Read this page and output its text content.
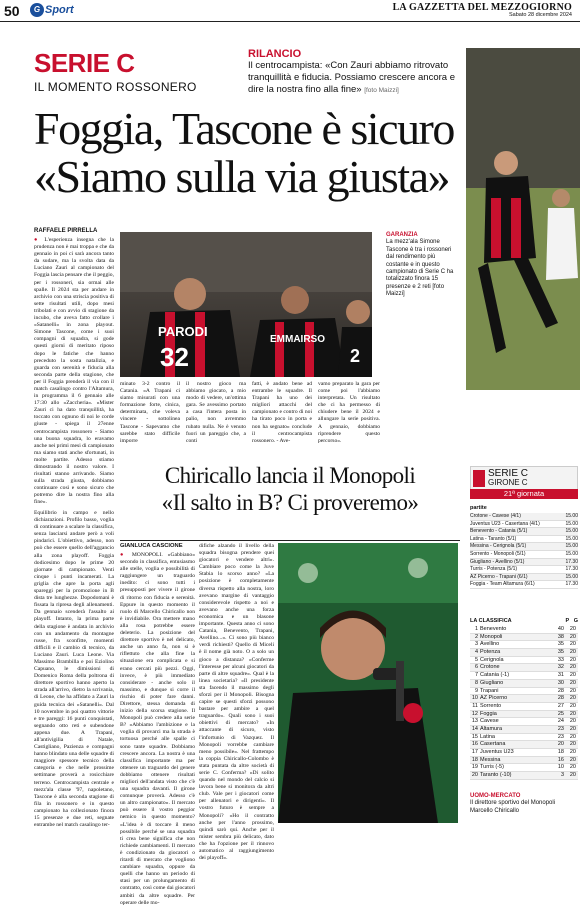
50	G Sport	LA GAZZETTA DEL MEZZOGIORNO
Sabato 28 dicembre 2024
SERIE C
IL MOMENTO ROSSONERO
RILANCIO
Il centrocampista: «Con Zauri abbiamo ritrovato tranquillità e fiducia. Possiamo crescere ancora e dire la nostra fino alla fine» [foto Maizzi]
Foggia, Tascone è sicuro
«Siamo sulla via giusta»
RAFFAELE PIRRELLA
● L'esperienza insegna che la prudenza non è mai troppa e che da gennaio in poi ci sarà ancora tanto da sudare, ma la svolta data da Luciano Zauri al campionato del Foggia lascia pensare che il peggio, per i rossoneri, sia ormai alle spalle. Il 2024 sta per andare in archivio con una striscia positiva di sette risultati utili, dopo mesi tribolati e con avvio di stagione da incubo, che aveva fatto crollare i «Satanelli» in zona playout. Simone Tascone, come i suoi compagni di squadra, si gode questi giorni di meritato riposo dopo le fatiche che hanno preceduto la sosta natalizia, e guarda con serenità e fiducia alla seconda parte della stagione, che per il Foggia prenderà il via con il match casalingo contro l'Altamura, in programma il 6 gennaio alle 17:30 allo «Zaccheria». «Mister Zauri ci ha dato tranquillità, ha toccato con ognuno di noi le corde giuste - spiega il 27enne centrocampista rossonero - Siamo una buona squadra, lo eravamo anche nei primi mesi di campionato ma siamo stati anche sfortunati, in molte partite. Adesso stiamo dimostrando il nostro valore. I risultati stanno arrivando. Siamo sulla strada giusta, dobbiamo continuare così e sono sicuro che potremo dire la nostra fino alla fine».
Equilibrio in campo e nello dichiarazioni. Profilo basso, voglia di continuare a scalare la classifica, senza lasciarsi andare però a voli pindarici. L'obiettivo, adesso, non può che essere quello dell'agganciο alla zona playoff. Foggia dodicesimo dopo le prime 20 giornate di campionato. Venti cinque i punti incamerati. La griglia che apre la porta agli spareggi per la promozione in B dista tre lunghezze. Dopodomani è fissata la ripresa degli allenamenti. Da gennaio scenderà l'assalto ai playoff. Intanto, la prima parte della stagione è andata in archivio con un andamento da montagne russe, fra sconfitte, momenti difficili e il cambio di tecnico, da Luciano Zauri. Luca Leone. Via Massimo Brambilla e poi Eziolino Capuano, le dimissioni di Domenico Roma della poltrona di direttore sportivo hanno aperto la strada all'arrivo, dietro la scrivania, di Leone, che ha affidato a Zauri la guida tecnica dei «Satanelli». Dal 10 novembre in poi quattro vittorie e tre pareggi: 16 punti conquistati, segnando otto reti e subendone appena due. A Trapani, all'antivigilia di Natale, Castigliano, Pazienza e compagni hanno blindato una delle squadre di maggiore spessore tecnico della categoria e che nelle prossime settimane proverà a rosicchiare terreno. Centrocampista centrale e mezz'ala classe '97, napoletano, Tascone è alla seconda stagione di fila in rossonero e in questo campionato ha collezionato finora 15 presenze e due reti, segnate entrambe nel match casalingo ter-
PARODI
32
EMMAIRSO
2
GARANZIA
La mezz'ala Simone Tascone è tra i rossoneri dal rendimento più costante e in questo campionato di Serie C ha totalizzato finora 15 presenze e 2 reti [foto Maizzi]
minato 3-2 contro il Catania. «A Trapani ci siamo misurati con una formazione forte, cinica, determinata, che voleva vincere - sottolinea Tascone - Sapevamo che sarebbe stato difficile imporre
il nostro gioco ma abbiamo giocato, a mio modo di vedere, un'ottima gara. Se avessimo portato a casa l'intera posta in palio, non avremmo rubato nulla. Ne è venuto fuori un pareggio che, a conti
fatti, è andato bene ad entrambe le squadre. Il Trapani ha uno dei migliori attacchi del campionato e contro di noi ha tirato poco in porta e non ha segnato» conclude il centrocampista rossonero. - Ave-
vamo preparato la gara per come poi l'abbiamo interpretata. Un risultato che ci ha permesso di chiudere bene il 2024 e allungare la serie positiva. A gennaio, dobbiamo riprendere questo percorso».
Chiricallo lancia il Monopoli
«Il salto in B? Ci proveremo»
GIANLUCA CASCIONE
● MONOPOLI. «Gabbiano» secondo in classifica, entusiasmo alle stelle, voglia e possibilità di raggiungere un traguardo inedito: ci sono tutti i presupposti per vivere il girone di ritorno con fiducia e serenità. Eppure in questo momento il ruolo di Marcello Chiricallo non è invidiabile. Ora mettere mano alla rosa potrebbe essere deleterio. La posizione del direttore sportivo è nel delicato, anche un anno fa, non si è riflettuto che alla fine la situazione era complicata e si erano cercati più pezzi. Oggi, invece, è più immediato considerare - anche solo il massimo, e dunque si corre il rischio di poter fare danni. Direttore, stessa domanda di inizio della scorsa stagione. Il Monopoli può credere alla serie B? «Abbiamo l'ambizione e la voglia di provarci ma la strada è tortuosa perché alle spalle ci sono tante squadre. Dobbiamo crescere ancora. La nostra è una classifica importante ma per ottenere un traguardo del genere dobbiamo ottenere risultati migliori dell'andata visto che c'è una squadra davanti. Il girone comunque proverà. Adesso c'è un altro campionato». Il mercato può essere il vostro peggior nemico in questo momento? «L'idea è di toccare il meno possibile perché se una squadra ti crea bene significa che non richiede cambiamenti. Il mercato è condizionato da giocatori o ritardi di mercato che vogliono cambiare squadra, oppure da quelli che hanno un periodo di stasi per un prolungamento di contratto, così come dai giocatori ambiti da altre squadre. Per operare delle mo-
difiche alzando il livello della squadra bisogna prendere quei giocatori e vendere altri». Cambiare poco come la Juve Stabia lo scorso anno? «La posizione è completamente diversa rispetto alla nostra, loro avevano margine di vantaggio considerevole rispetto a noi e avevano anche una forza economica e un blasone importante. Questa anno ci sono Catania, Benevento, Trapani, Avellino...». Ci sono più bianco verdi richiesti? Quello di Miceli è il nome già noto. O a solo un gioco a distanza? «Conferme l'interesse per alcuni giocatori da parte di altre squadre». Qual è la linea societaria? «Il presidente sta facendo il massimo degli sforzi per il Monopoli. Bisogna capire se questi sforzi possono bastare per ambire a quel traguardo». Quali sono i suoi obiettivi di mercato? «In attaccante di sicuro, visto l'infortunio di Vazquez. Il Monopoli vorrebbe cambiare meno possibile». Nel frattempo la coppia Chiricallo-Colombo è stata puntata da altre società di serie C. Conferma? «Di solito quando nel mondo del calcio si lavora bene si monitora da altri club. Vale per i giocatori come per allenatori e dirigenti». Il vostro futuro è sempre a Monopoli? «Ho il contratto anche per l'anno prossimo, quindi sarò qui. Anche per il mister sembra più delicato, dato che ha l'opzione per il rinnovo automatico al raggiungimento dei playoff».
SERIE C
GIRONE C
21ª giornata
partite
Crotone - Cavese (4/1)	15.00
Juventus U23 - Casertana (4/1)	15.00
Benevento - Catania (5/1)	15.00
Latina - Taranto (5/1)	15.00
Messina - Cerignola (5/1)	15.00
Sorrento - Monopoli (5/1)	15.00
Giugliano - Avellino (5/1)	17.30
Turris - Potenza (5/1)	17.30
AZ Picerno - Trapani (6/1)	15.00
Foggia - Team Altamura (6/1)	17.30
LA CLASSIFICA	P G
1 Benevento	40	20
2 Monopoli	38	20
3 Avellino	35	20
4 Potenza	35	20
5 Cerignola	33	20
6 Crotone	32	20
7 Catania (-1)	31	20
8 Giugliano	30	20
9 Trapani	28	20
10 AZ Picerno	28	20
11 Sorrento	27	20
12 Foggia	25	20
13 Cavese	24	20
14 Altamura	23	20
15 Latina	23	20
16 Casertana	20	20
17 Juventus U23	18	20
18 Messina	16	20
19 Turris (-5)	10	20
20 Taranto (-10)	3	20
UOMO-MERCATO
Il direttore sportivo del Monopoli Marcello Chiricallo
